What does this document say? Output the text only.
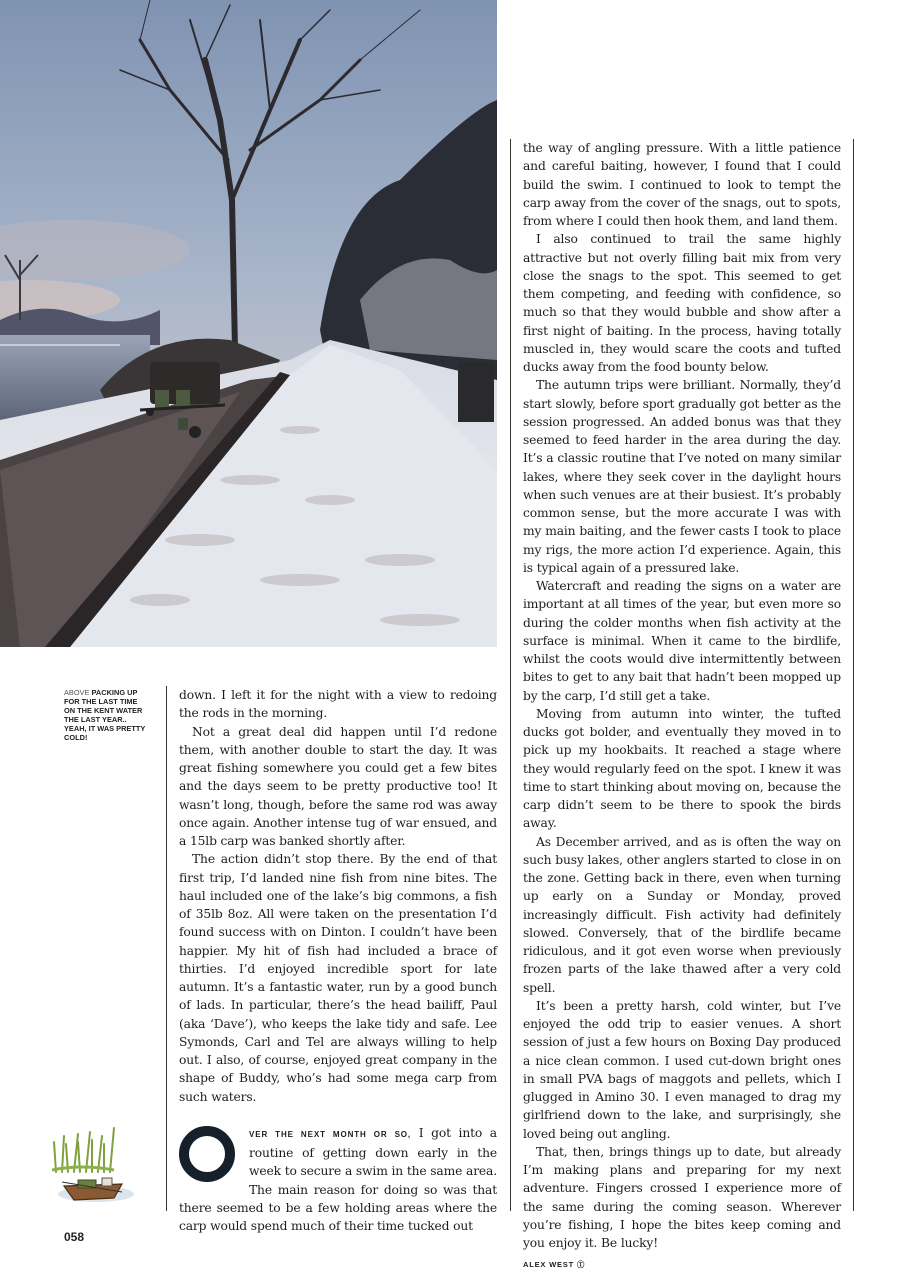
ABOVE PACKING UP FOR THE LAST TIME ON THE KENT WATER THE LAST YEAR.. YEAH, IT WAS PRETTY COLD!

down. I left it for the night with a view to redoing the rods in the morning.

Not a great deal did happen until I’d redone them, with another double to start the day. It was great fishing somewhere you could get a few bites and the days seem to be pretty productive too! It wasn’t long, though, before the same rod was away once again. Another intense tug of war ensued, and a 15lb carp was banked shortly after.

The action didn’t stop there. By the end of that first trip, I’d landed nine fish from nine bites. The haul included one of the lake’s big commons, a fish of 35lb 8oz. All were taken on the presentation I’d found success with on Dinton. I couldn’t have been happier. My hit of fish had included a brace of thirties. I’d enjoyed incredible sport for late autumn. It’s a fantastic water, run by a good bunch of lads. In particular, there’s the head bailiff, Paul (aka ‘Dave’), who keeps the lake tidy and safe. Lee Symonds, Carl and Tel are always willing to help out. I also, of course, enjoyed great company in the shape of Buddy, who’s had some mega carp from such waters.

VER THE NEXT MONTH OR SO, I got into a routine of getting down early in the week to secure a swim in the same area. The main reason for doing so was that there seemed to be a few holding areas where the carp would spend much of their time tucked out

the way of angling pressure. With a little patience and careful baiting, however, I found that I could build the swim. I continued to look to tempt the carp away from the cover of the snags, out to spots, from where I could then hook them, and land them.

I also continued to trail the same highly attractive but not overly filling bait mix from very close the snags to the spot. This seemed to get them competing, and feeding with confidence, so much so that they would bubble and show after a first night of baiting. In the process, having totally muscled in, they would scare the coots and tufted ducks away from the food bounty below.

The autumn trips were brilliant. Normally, they’d start slowly, before sport gradually got better as the session progressed. An added bonus was that they seemed to feed harder in the area during the day. It’s a classic routine that I’ve noted on many similar lakes, where they seek cover in the daylight hours when such venues are at their busiest. It’s probably common sense, but the more accurate I was with my main baiting, and the fewer casts I took to place my rigs, the more action I’d experience. Again, this is typical again of a pressured lake.

Watercraft and reading the signs on a water are important at all times of the year, but even more so during the colder months when fish activity at the surface is minimal. When it came to the birdlife, whilst the coots would dive intermittently between bites to get to any bait that hadn’t been mopped up by the carp, I’d still get a take.

Moving from autumn into winter, the tufted ducks got bolder, and eventually they moved in to pick up my hookbaits. It reached a stage where they would regularly feed on the spot. I knew it was time to start thinking about moving on, because the carp didn’t seem to be there to spook the birds away.

As December arrived, and as is often the way on such busy lakes, other anglers started to close in on the zone. Getting back in there, even when turning up early on a Sunday or Monday, proved increasingly difficult. Fish activity had definitely slowed. Conversely, that of the birdlife became ridiculous, and it got even worse when previously frozen parts of the lake thawed after a very cold spell.

It’s been a pretty harsh, cold winter, but I’ve enjoyed the odd trip to easier venues. A short session of just a few hours on Boxing Day produced a nice clean common. I used cut-down bright ones in small PVA bags of maggots and pellets, which I glugged in Amino 30. I even managed to drag my girlfriend down to the lake, and surprisingly, she loved being out angling.

That, then, brings things up to date, but already I’m making plans and preparing for my next adventure. Fingers crossed I experience more of the same during the coming season. Wherever you’re fishing, I hope the bites keep coming and you enjoy it. Be lucky!

ALEX WEST Ⓣ
058
